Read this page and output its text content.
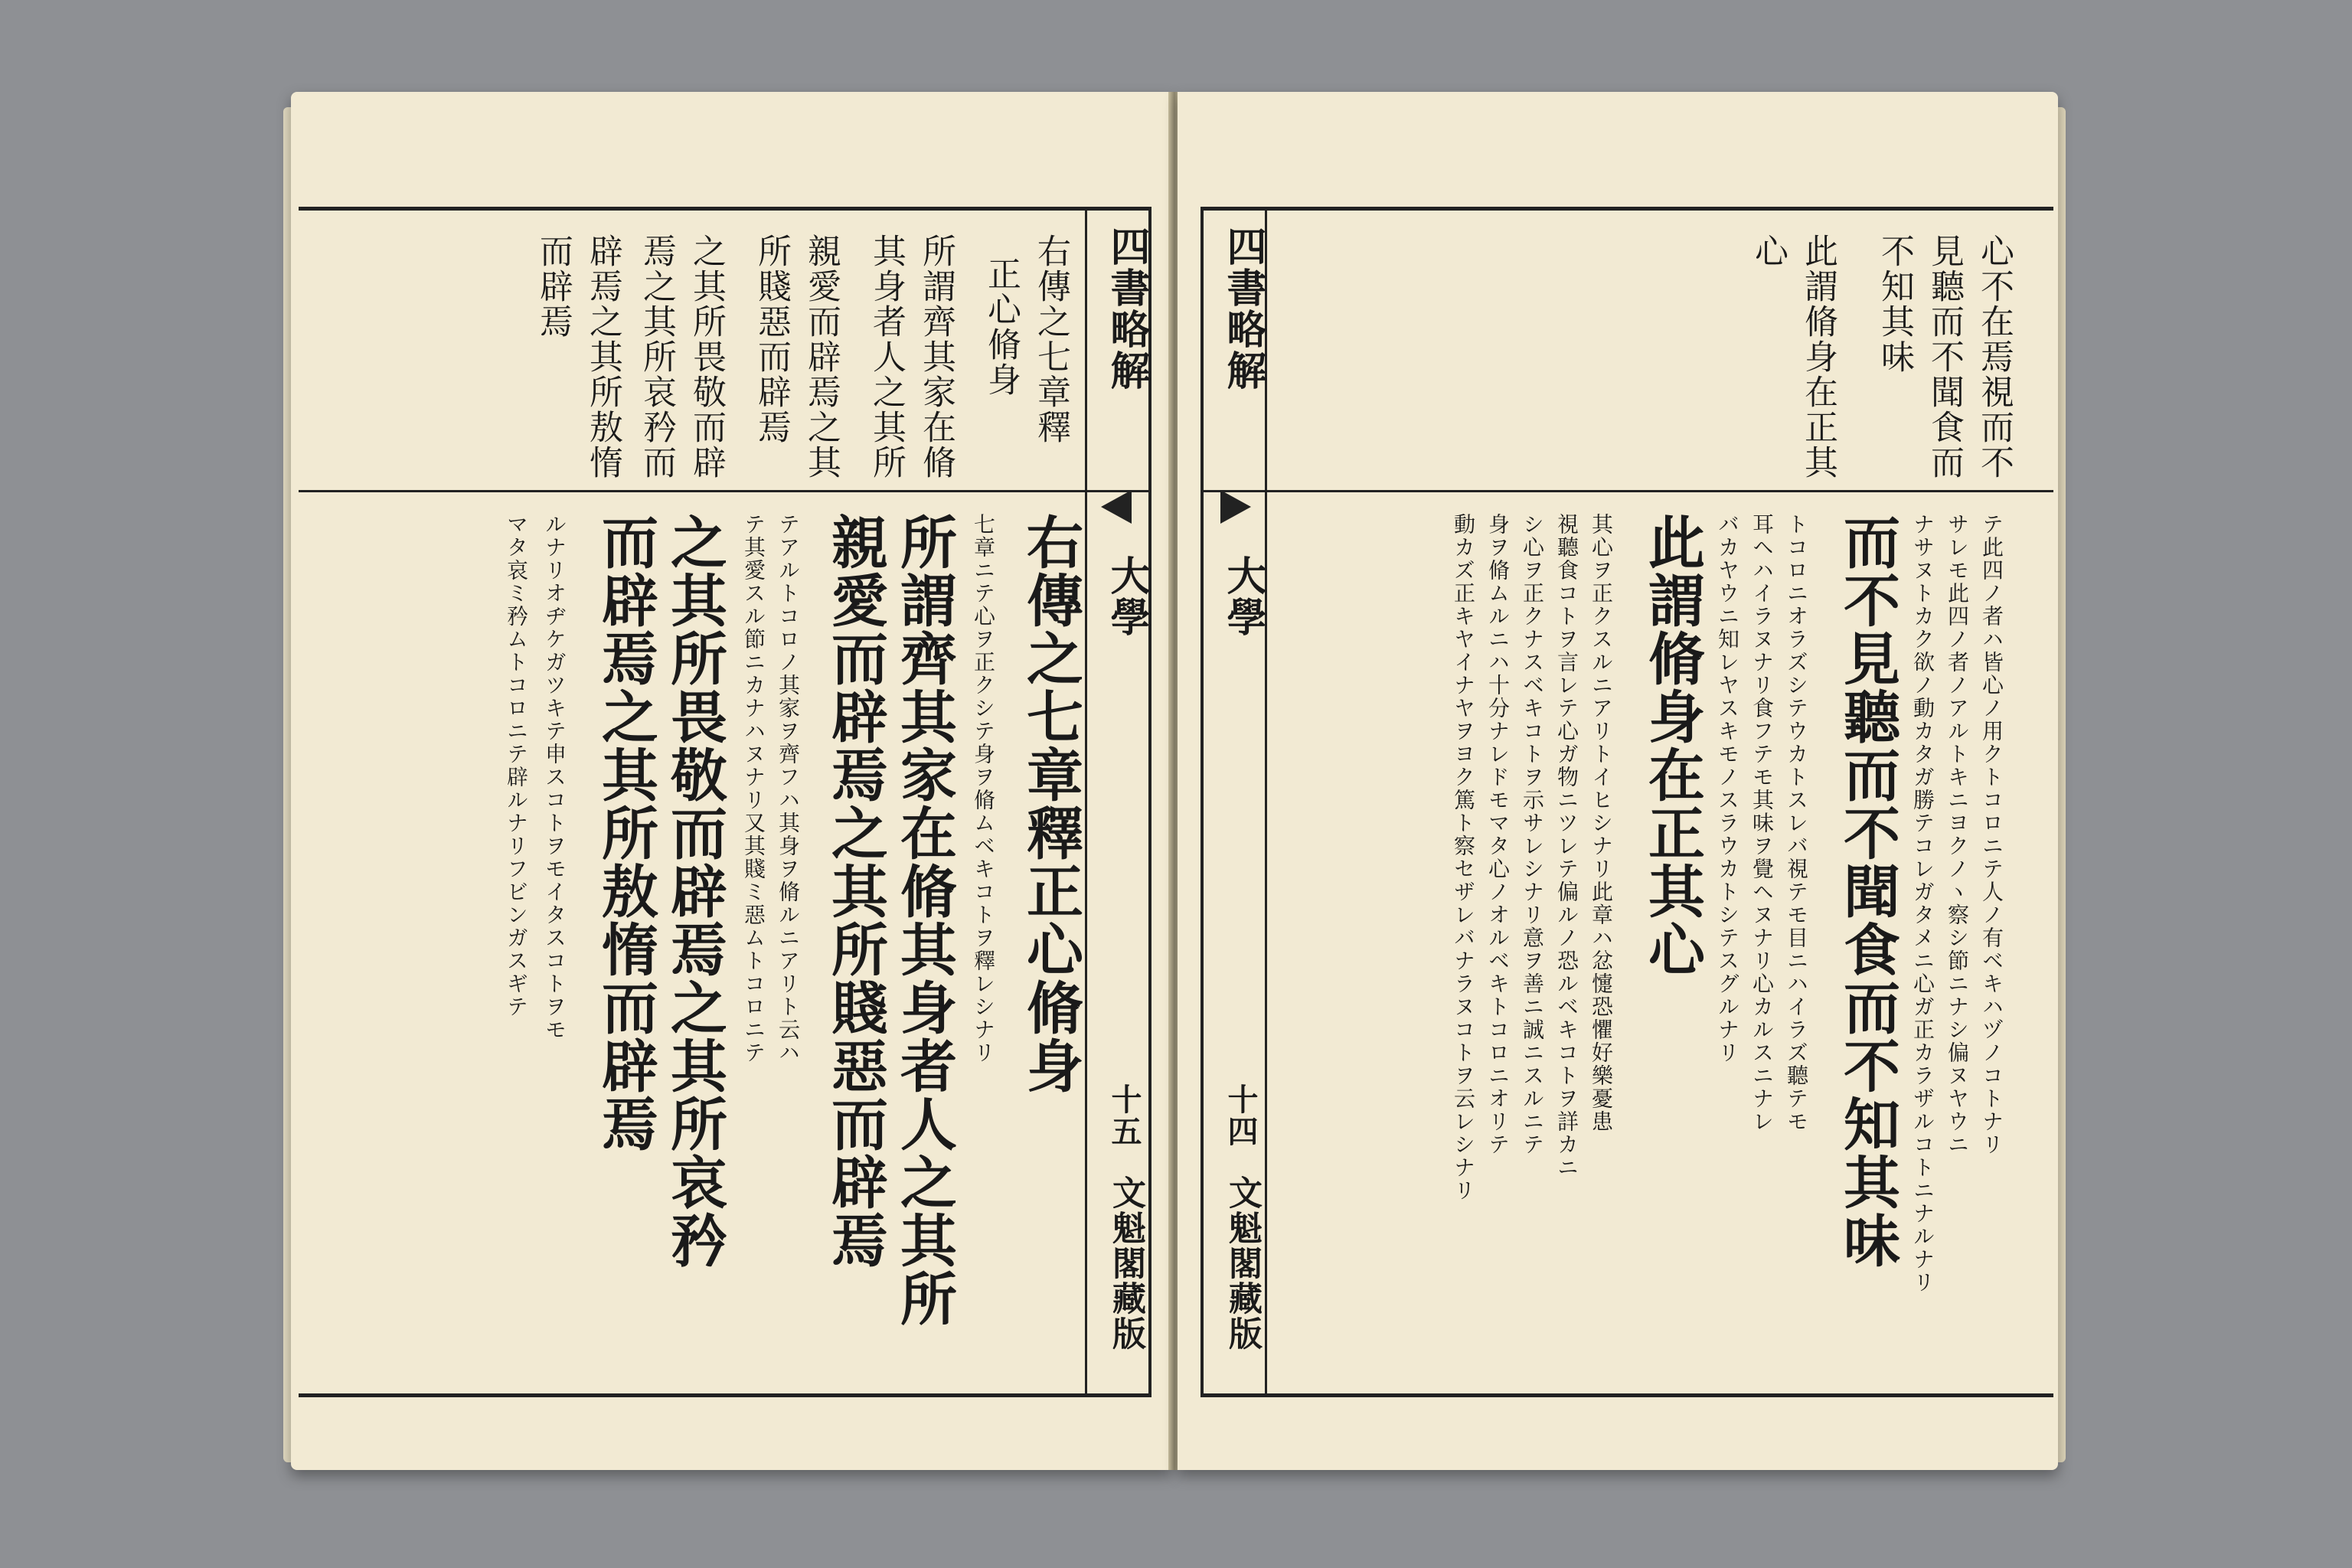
四書略解
大學
十五
文魁閣藏版
右傳之七章釋
正心脩身
所謂齊其家在脩
其身者人之其所
親愛而辟焉之其
所賤惡而辟焉
之其所畏敬而辟
焉之其所哀矜而
辟焉之其所敖惰
而辟焉
右傳之七章釋正心脩身
七章ニテ心ヲ正クシテ身ヲ脩ムベキコトヲ釋レシナリ
所謂齊其家在脩其身者人之其所
親愛而辟焉之其所賤惡而辟焉
テアルトコロノ其家ヲ齊フハ其身ヲ脩ルニアリト云ハ
テ其愛スル節ニカナハヌナリ又其賤ミ惡ムトコロニテ
之其所畏敬而辟焉之其所哀矜
而辟焉之其所敖惰而辟焉
ルナリオヂケガツキテ申スコトヲモイタスコトヲモ
マタ哀ミ矜ムトコロニテ辟ルナリフビンガスギテ
四書略解
大學
十四
文魁閣藏版
心不在焉視而不
見聽而不聞食而
不知其味
此謂脩身在正其
心
テ此四ノ者ハ皆心ノ用クトコロニテ人ノ有ベキハヅノコトナリ
サレモ此四ノ者ノアルトキニヨクノヽ察シ節ニナシ偏ヌヤウニ
ナサヌトカク欲ノ動カタガ勝テコレガタメニ心ガ正カラザルコトニナルナリ
而不見聽而不聞食而不知其味
トコロニオラズシテウカトスレバ視テモ目ニハイラズ聽テモ
耳ヘハイラヌナリ食フテモ其味ヲ覺ヘヌナリ心カルスニナレ
バカヤウニ知レヤスキモノスラウカトシテスグルナリ
此謂脩身在正其心
其心ヲ正クスルニアリトイヒシナリ此章ハ忿懥恐懼好樂憂患
視聽食コトヲ言レテ心ガ物ニツレテ偏ルノ恐ルベキコトヲ詳カニ
シ心ヲ正クナスベキコトヲ示サレシナリ意ヲ善ニ誠ニスルニテ
身ヲ脩ムルニハ十分ナレドモマタ心ノオルベキトコロニオリテ
動カズ正キヤイナヤヲヨク篤ト察セザレバナラヌコトヲ云レシナリ
